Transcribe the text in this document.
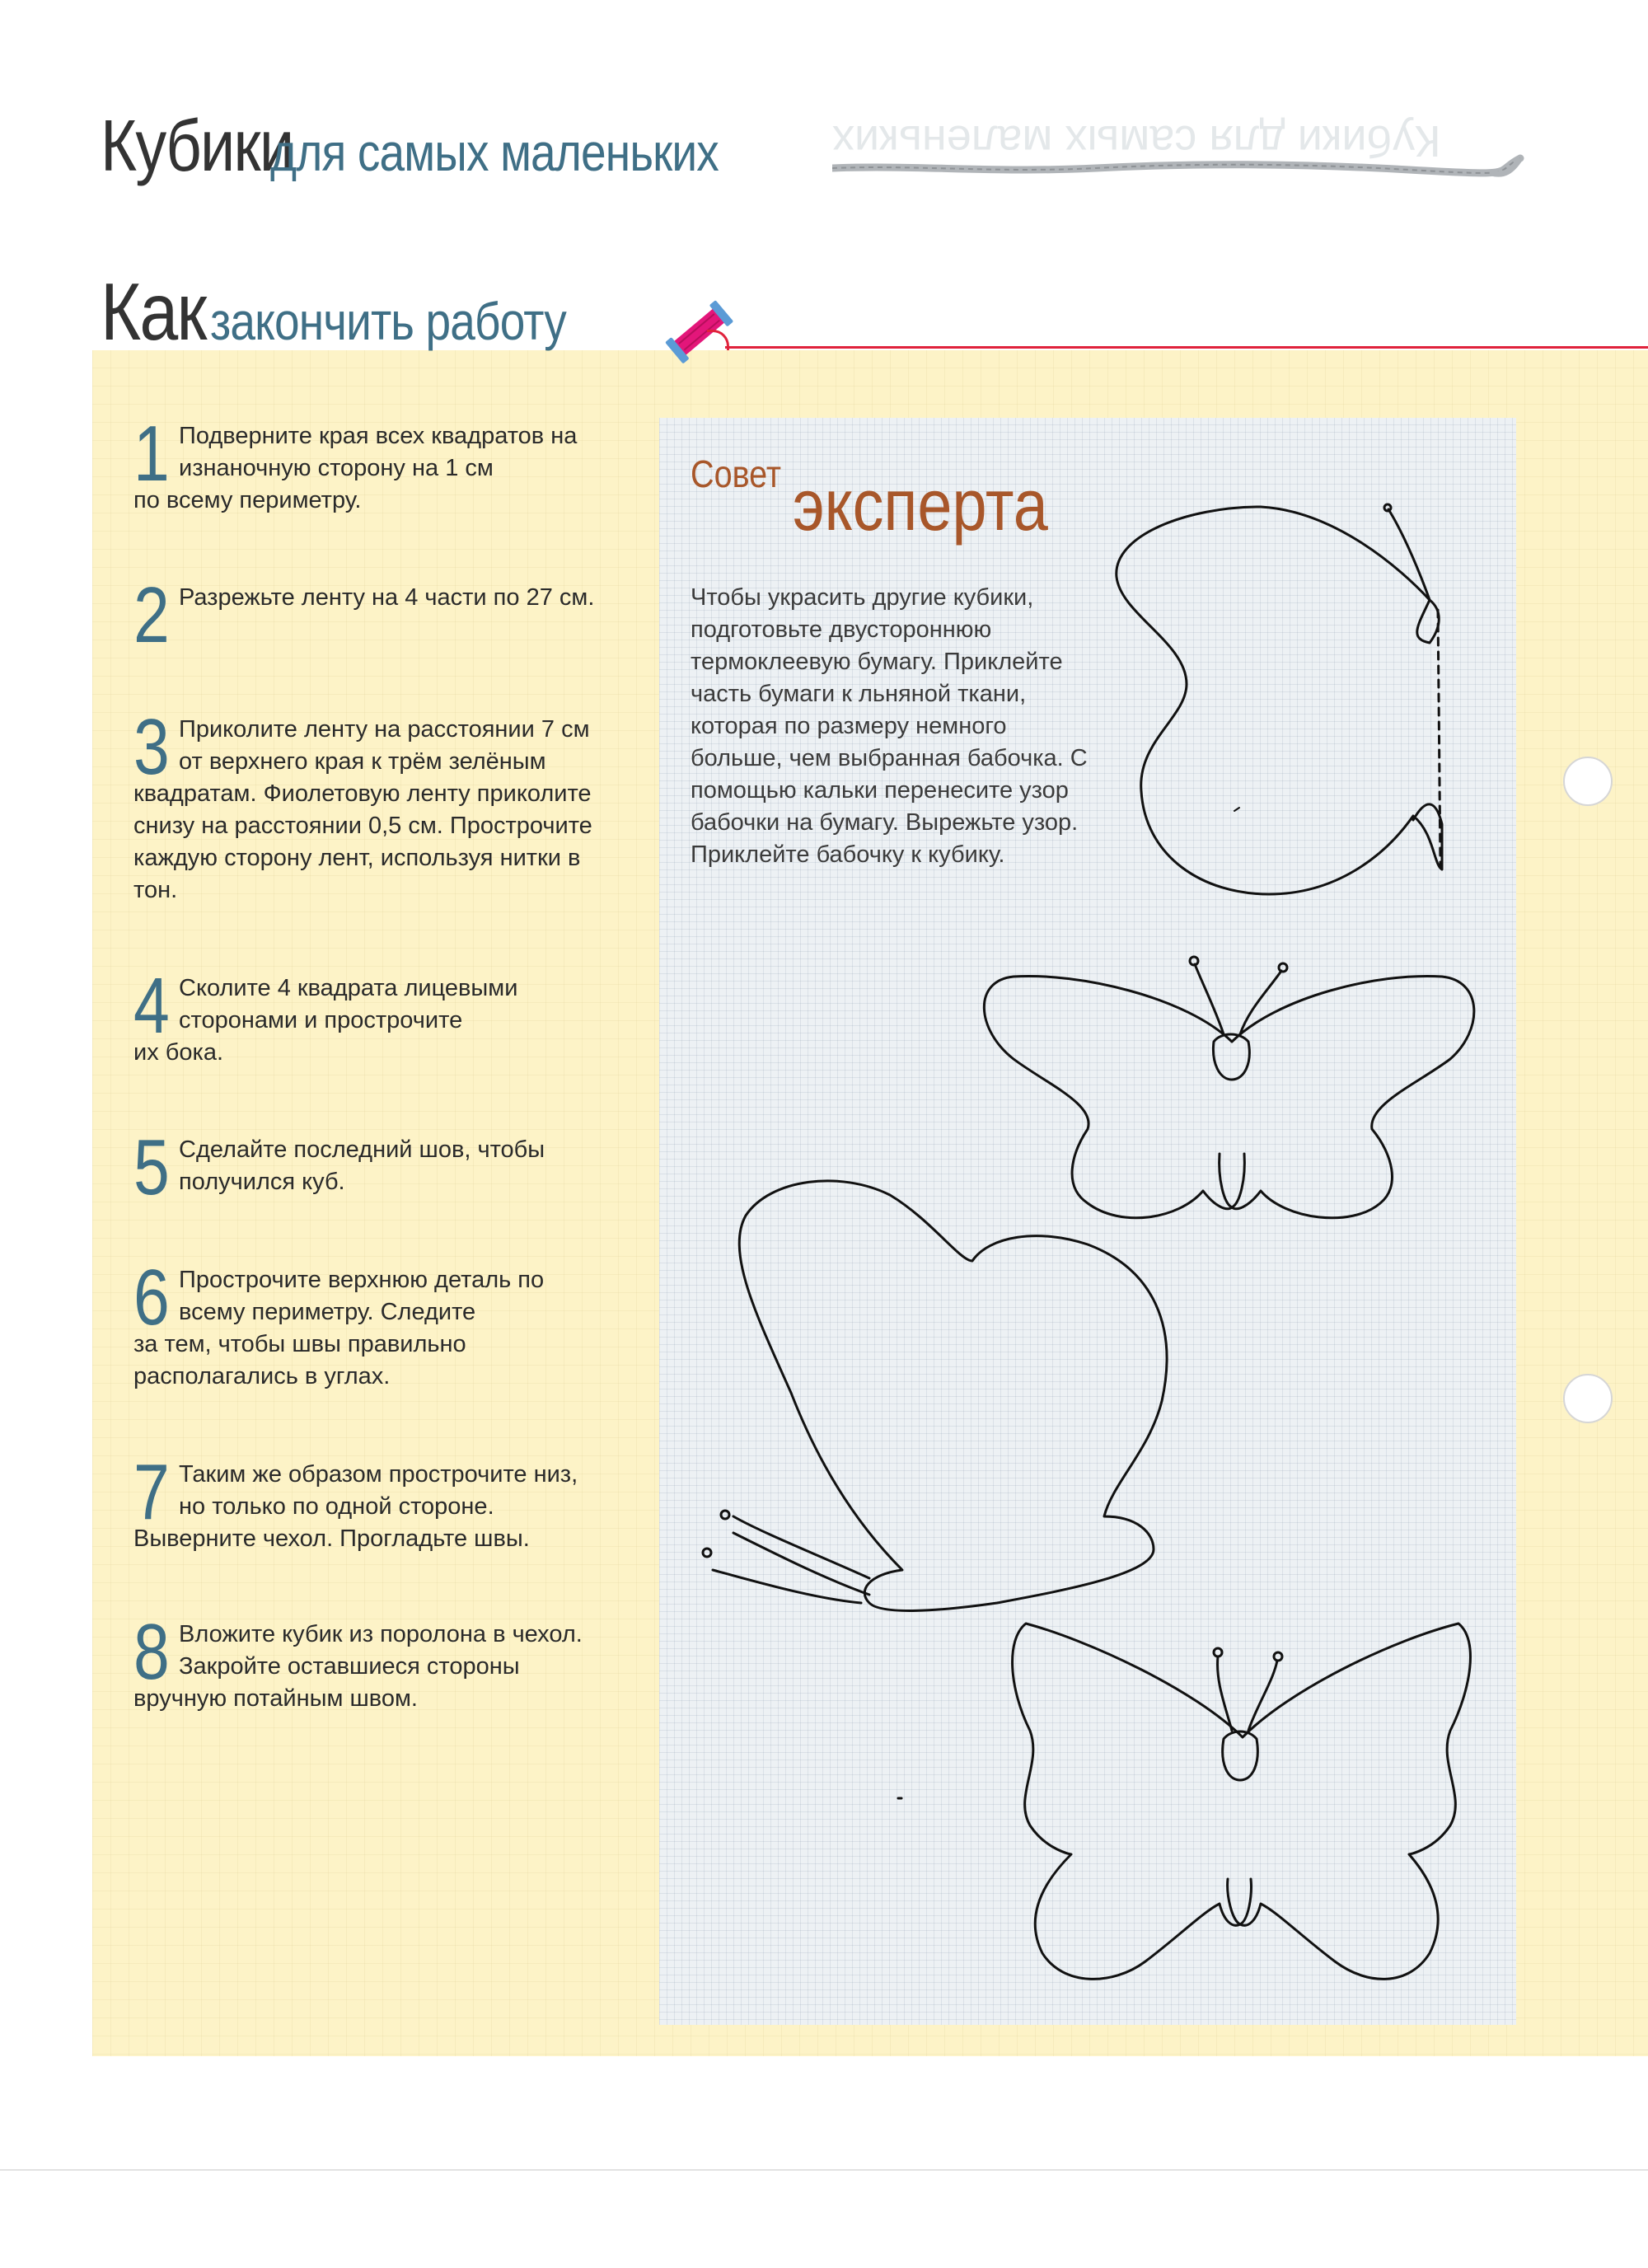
Кубики для самых маленьких
Кубики для самых маленьких
Как закончить работу
1 Подверните края всех квадратов на изнаночную сторону на 1 см
по всему периметру.
2 Разрежьте ленту на 4 части по 27 см.
3 Приколите ленту на расстоянии 7 см от верхнего края к трём зелёным
квадратам. Фиолетовую ленту приколите снизу на расстоянии 0,5 см. Прострочите каждую сторону лент, используя нитки в тон.
4 Сколите 4 квадрата лицевыми сторонами и прострочите
их бока.
5 Сделайте последний шов, чтобы получился куб.
6 Прострочите верхнюю деталь по всему периметру. Следите
за тем, чтобы швы правильно располагались в углах.
7 Таким же образом прострочите низ, но только по одной стороне.
Выверните чехол. Прогладьте швы.
8 Вложите кубик из поролона в чехол. Закройте оставшиеся стороны
вручную потайным швом.
Совет эксперта
Чтобы украсить другие кубики, подготовьте двустороннюю термоклеевую бумагу. Приклейте часть бумаги к льняной ткани, которая по размеру немного больше, чем выбранная бабочка. С помощью кальки перенесите узор бабочки на бумагу. Вырежьте узор. Приклейте бабочку к кубику.
